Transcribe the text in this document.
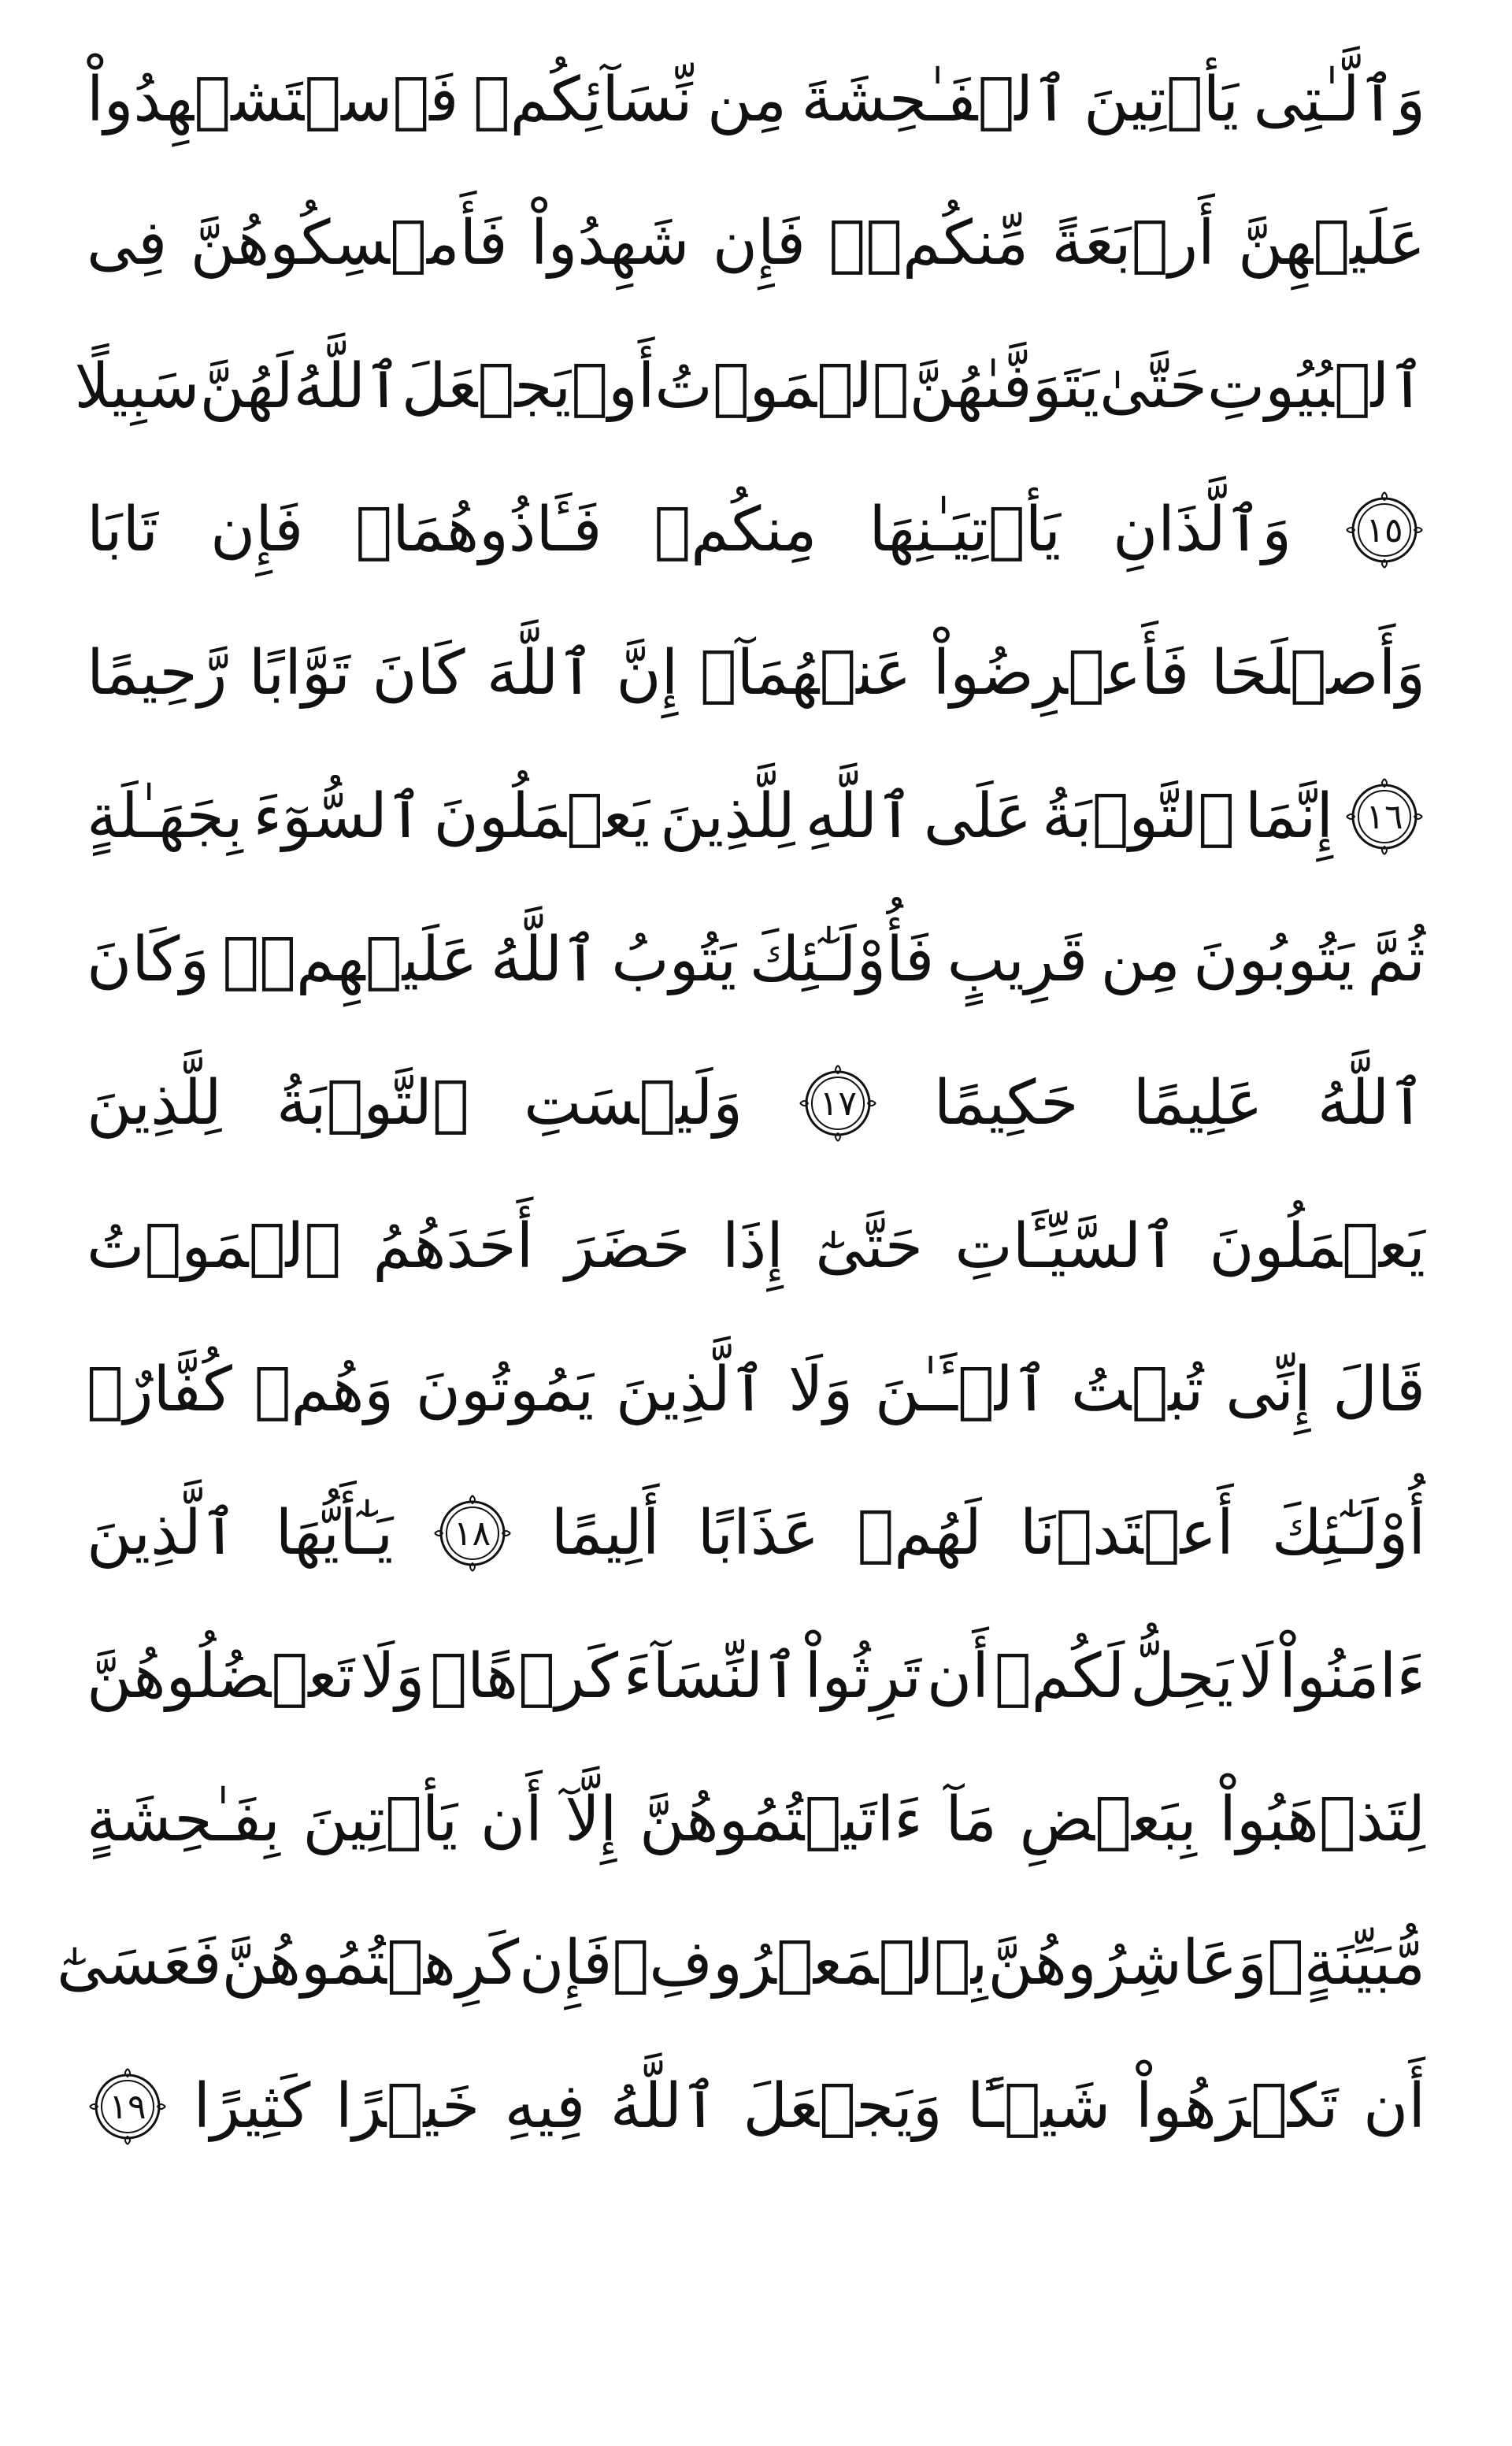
وَٱلَّـٰتِى
يَأۡتِينَ
ٱلۡفَـٰحِشَةَ
مِن
نِّسَآئِكُمۡ
فَٱسۡتَشۡهِدُواْ
عَلَيۡهِنَّ
أَرۡبَعَةً
مِّنكُمۡۖ
فَإِن
شَهِدُواْ
فَأَمۡسِكُوهُنَّ
فِى
ٱلۡبُيُوتِ
حَتَّىٰ
يَتَوَفَّىٰهُنَّ
ٱلۡمَوۡتُ
أَوۡ
يَجۡعَلَ
ٱللَّهُ
لَهُنَّ
سَبِيلًا
١٥
وَٱلَّذَانِ
يَأۡتِيَـٰنِهَا
مِنكُمۡ
فَـَٔاذُوهُمَاۖ
فَإِن
تَابَا
وَأَصۡلَحَا
فَأَعۡرِضُواْ
عَنۡهُمَآۗ
إِنَّ
ٱللَّهَ
كَانَ
تَوَّابًا
رَّحِيمًا
١٦
إِنَّمَا
ٱلتَّوۡبَةُ
عَلَى
ٱللَّهِ
لِلَّذِينَ
يَعۡمَلُونَ
ٱلسُّوٓءَ
بِجَهَـٰلَةٍ
ثُمَّ
يَتُوبُونَ
مِن
قَرِيبٍ
فَأُوْلَـٰٓئِكَ
يَتُوبُ
ٱللَّهُ
عَلَيۡهِمۡۗ
وَكَانَ
ٱللَّهُ
عَلِيمًا
حَكِيمًا
١٧
وَلَيۡسَتِ
ٱلتَّوۡبَةُ
لِلَّذِينَ
يَعۡمَلُونَ
ٱلسَّيِّـَٔاتِ
حَتَّىٰٓ
إِذَا
حَضَرَ
أَحَدَهُمُ
ٱلۡمَوۡتُ
قَالَ
إِنِّى
تُبۡتُ
ٱلۡـَٔـٰنَ
وَلَا
ٱلَّذِينَ
يَمُوتُونَ
وَهُمۡ
كُفَّارٌۚ
أُوْلَـٰٓئِكَ
أَعۡتَدۡنَا
لَهُمۡ
عَذَابًا
أَلِيمًا
١٨
يَـٰٓأَيُّهَا
ٱلَّذِينَ
ءَامَنُواْ
لَا
يَحِلُّ
لَكُمۡ
أَن
تَرِثُواْ
ٱلنِّسَآءَ
كَرۡهًاۖ
وَلَا
تَعۡضُلُوهُنَّ
لِتَذۡهَبُواْ
بِبَعۡضِ
مَآ
ءَاتَيۡتُمُوهُنَّ
إِلَّآ
أَن
يَأۡتِينَ
بِفَـٰحِشَةٍ
مُّبَيِّنَةٍۚ
وَعَاشِرُوهُنَّ
بِٱلۡمَعۡرُوفِۚ
فَإِن
كَرِهۡتُمُوهُنَّ
فَعَسَىٰٓ
أَن
تَكۡرَهُواْ
شَيۡـًٔا
وَيَجۡعَلَ
ٱللَّهُ
فِيهِ
خَيۡرًا
كَثِيرًا
١٩
